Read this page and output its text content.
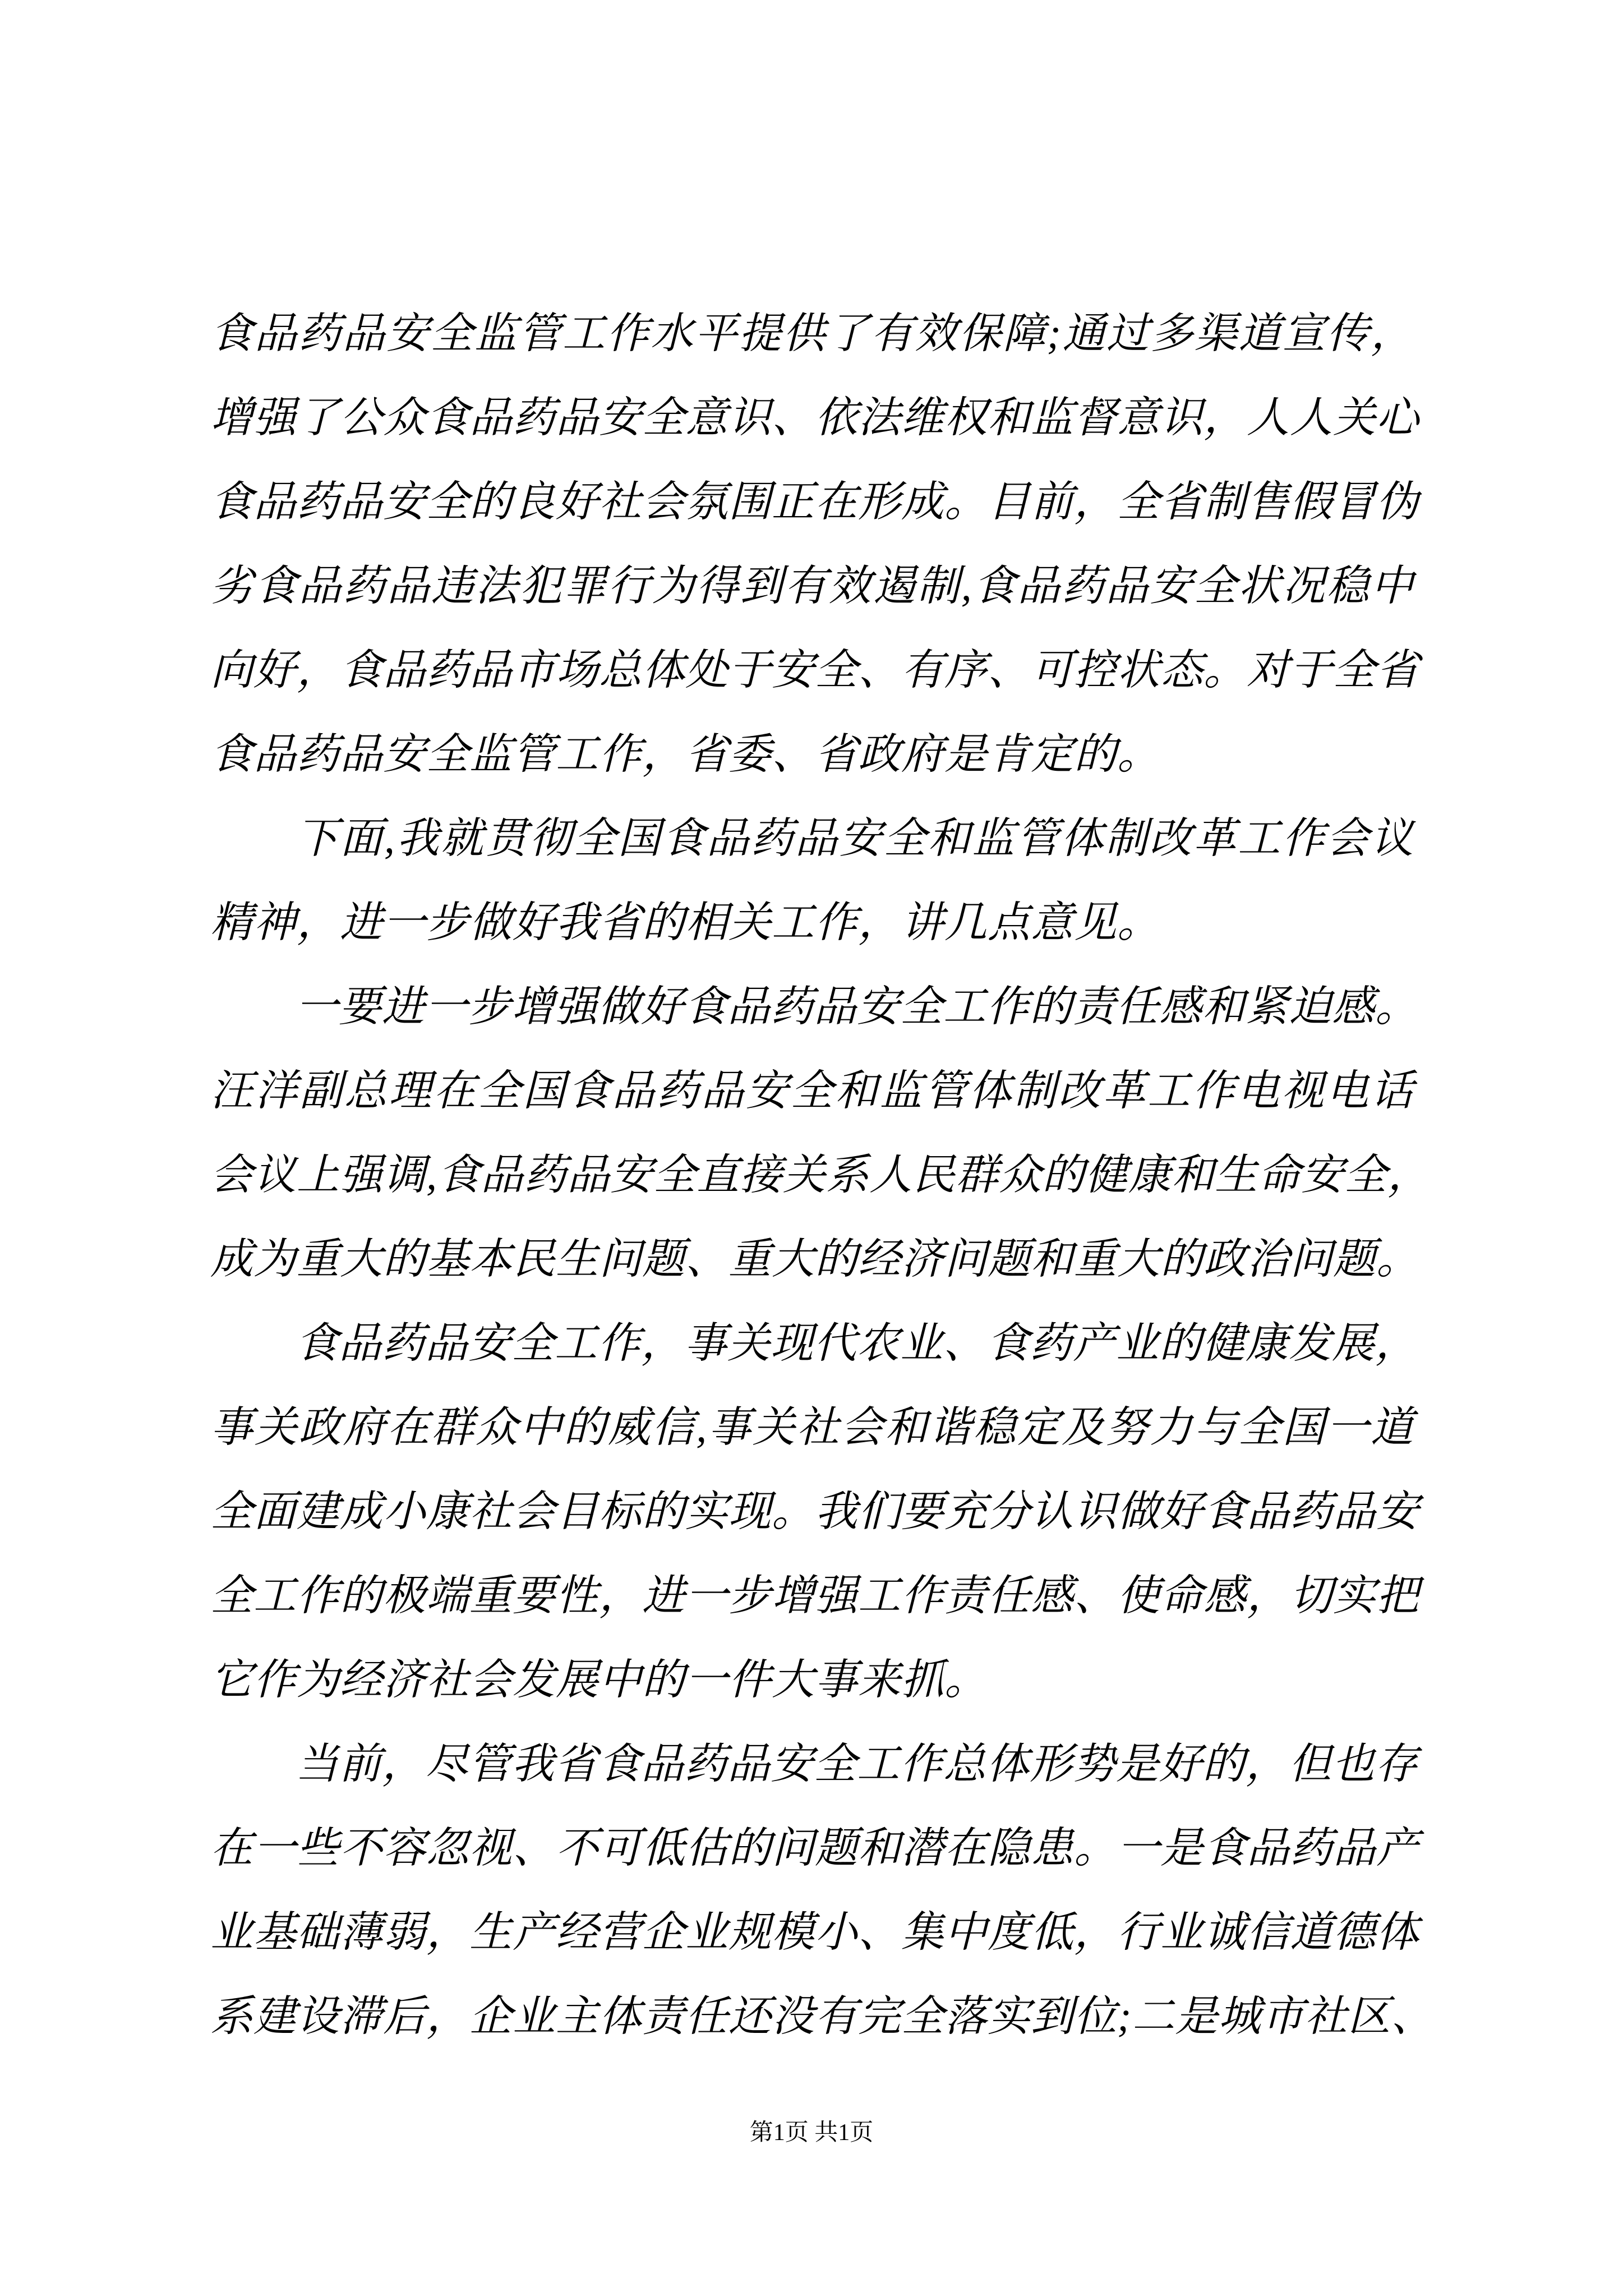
食品药品安全监管工作水平提供了有效保障;通过多渠道宣传，
增强了公众食品药品安全意识、依法维权和监督意识，人人关心
食品药品安全的良好社会氛围正在形成。目前，全省制售假冒伪
劣食品药品违法犯罪行为得到有效遏制,食品药品安全状况稳中
向好，食品药品市场总体处于安全、有序、可控状态。对于全省
食品药品安全监管工作，省委、省政府是肯定的。
下面,我就贯彻全国食品药品安全和监管体制改革工作会议
精神，进一步做好我省的相关工作，讲几点意见。
一要进一步增强做好食品药品安全工作的责任感和紧迫感。
汪洋副总理在全国食品药品安全和监管体制改革工作电视电话
会议上强调,食品药品安全直接关系人民群众的健康和生命安全，
成为重大的基本民生问题、重大的经济问题和重大的政治问题。
食品药品安全工作，事关现代农业、食药产业的健康发展，
事关政府在群众中的威信,事关社会和谐稳定及努力与全国一道
全面建成小康社会目标的实现。我们要充分认识做好食品药品安
全工作的极端重要性，进一步增强工作责任感、使命感，切实把
它作为经济社会发展中的一件大事来抓。
当前，尽管我省食品药品安全工作总体形势是好的，但也存
在一些不容忽视、不可低估的问题和潜在隐患。一是食品药品产
业基础薄弱，生产经营企业规模小、集中度低，行业诚信道德体
系建设滞后，企业主体责任还没有完全落实到位;二是城市社区、
第1页 共1页
